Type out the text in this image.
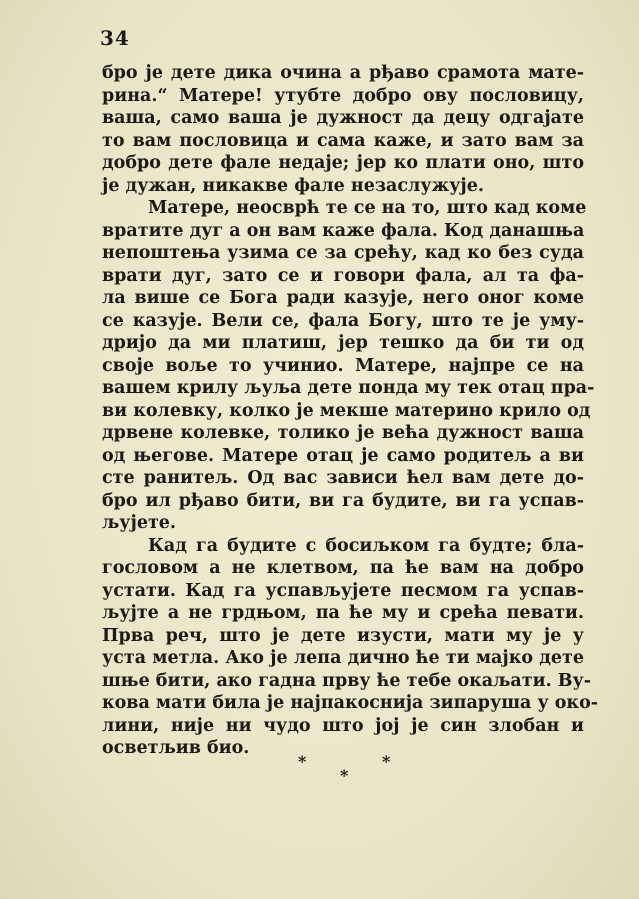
34
бро је дете дика очина а рђаво срамота мате-
рина.“ Матере! утубте добро ову пословицу,
ваша, само ваша је дужност да децу одгајате
то вам пословица и сама каже, и зато вам за
добро дете фале недаје; јер ко плати оно, што
је дужан, никакве фале незаслужује.
Матере, неосврћ те се на то, што кад коме
вратите дуг а он вам каже фала. Код данашња
непоштења узима се за срећу, кад ко без суда
врати дуг, зато се и говори фала, ал та фа-
ла више се Бога ради казује, него оног коме
се казује. Вели се, фала Богу, што те је уму-
дријо да ми платиш, јер тешко да би ти од
своје воље то учинио. Матере, најпре се на
вашем крилу љуља дете понда му тек отац пра-
ви колевку, колко је мекше материно крило од
дрвене колевке, толико је већа дужност ваша
од његове. Матере отац је само родитељ а ви
сте ранитељ. Од вас зависи ћел вам дете до-
бро ил рђаво бити, ви га будите, ви га успав-
љујете.
Кад га будите с босиљком га будте; бла-
гословом а не клетвом, па ће вам на добро
устати. Кад га успављујете песмом га успав-
љујте а не грдњом, па ће му и срећа певати.
Прва реч, што је дете изусти, мати му је у
уста метла. Ако је лепа дично ће ти мајко дете
шње бити, ако гадна прву ће тебе окаљати. Ву-
кова мати била је најпакоснија зипаруша у око-
лини, није ни чудо што јој је син злобан и
осветљив био.
*
*
*
